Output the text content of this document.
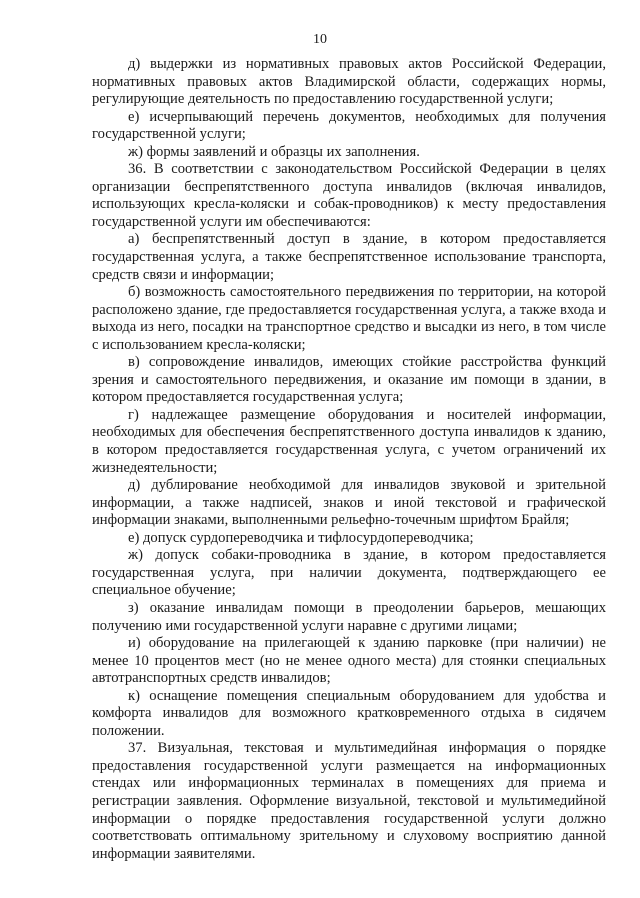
10

д) выдержки из нормативных правовых актов Российской Федерации, нормативных правовых актов Владимирской области, содержащих нормы, регулирующие деятельность по предоставлению государственной услуги;

е) исчерпывающий перечень документов, необходимых для получения государственной услуги;

ж) формы заявлений и образцы их заполнения.

36. В соответствии с законодательством Российской Федерации в целях организации беспрепятственного доступа инвалидов (включая инвалидов, использующих кресла-коляски и собак-проводников) к месту предоставления государственной услуги им обеспечиваются:

а) беспрепятственный доступ в здание, в котором предоставляется государственная услуга, а также беспрепятственное использование транспорта, средств связи и информации;

б) возможность самостоятельного передвижения по территории, на которой расположено здание, где предоставляется государственная услуга, а также входа и выхода из него, посадки на транспортное средство и высадки из него, в том числе с использованием кресла-коляски;

в) сопровождение инвалидов, имеющих стойкие расстройства функций зрения и самостоятельного передвижения, и оказание им помощи в здании, в котором предоставляется государственная услуга;

г) надлежащее размещение оборудования и носителей информации, необходимых для обеспечения беспрепятственного доступа инвалидов к зданию, в котором предоставляется государственная услуга, с учетом ограничений их жизнедеятельности;

д) дублирование необходимой для инвалидов звуковой и зрительной информации, а также надписей, знаков и иной текстовой и графической информации знаками, выполненными рельефно-точечным шрифтом Брайля;

е) допуск сурдопереводчика и тифлосурдопереводчика;

ж) допуск собаки-проводника в здание, в котором предоставляется государственная услуга, при наличии документа, подтверждающего ее специальное обучение;

з) оказание инвалидам помощи в преодолении барьеров, мешающих получению ими государственной услуги наравне с другими лицами;

и) оборудование на прилегающей к зданию парковке (при наличии) не менее 10 процентов мест (но не менее одного места) для стоянки специальных автотранспортных средств инвалидов;

к) оснащение помещения специальным оборудованием для удобства и комфорта инвалидов для возможного кратковременного отдыха в сидячем положении.

37. Визуальная, текстовая и мультимедийная информация о порядке предоставления государственной услуги размещается на информационных стендах или информационных терминалах в помещениях для приема и регистрации заявления. Оформление визуальной, текстовой и мультимедийной информации о порядке предоставления государственной услуги должно соответствовать оптимальному зрительному и слуховому восприятию данной информации заявителями.
